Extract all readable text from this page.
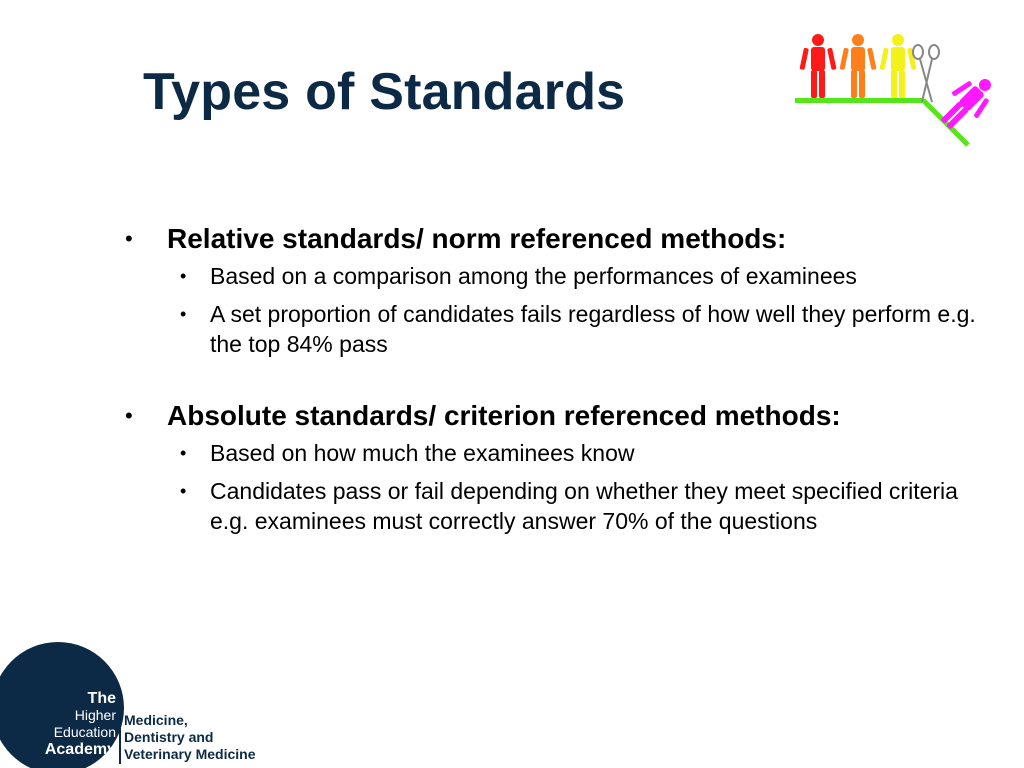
Types of Standards
• Relative standards/ norm referenced methods:
• Based on a comparison among the performances of examinees
• A set proportion of candidates fails regardless of how well they perform e.g. the top 84% pass
• Absolute standards/ criterion referenced methods:
• Based on how much the examinees know
• Candidates pass or fail depending on whether they meet specified criteria e.g. examinees must correctly answer 70% of the questions
The
Higher
Education
Academy
Medicine,
Dentistry and
Veterinary Medicine
